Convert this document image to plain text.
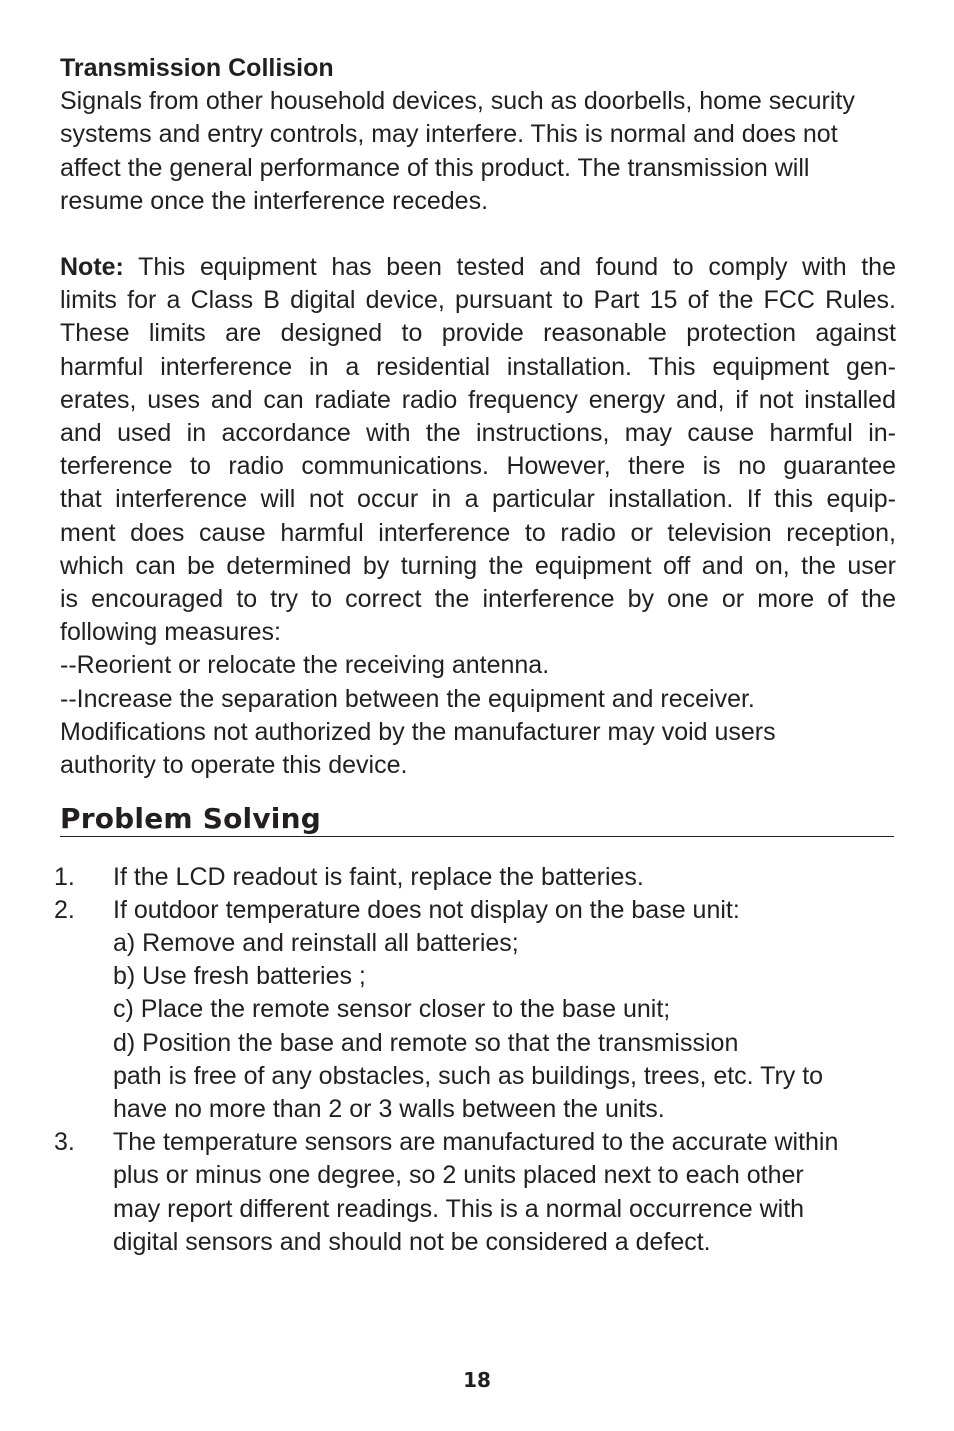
Transmission Collision

Signals from other household devices, such as doorbells, home security
systems and entry controls, may interfere. This is normal and does not
affect the general performance of this product. The transmission will
resume once the interference recedes.

Note: This equipment has been tested and found to comply with the
limits for a Class B digital device, pursuant to Part 15 of the FCC Rules.
These limits are designed to provide reasonable protection against
harmful interference in a residential installation. This equipment gen-
erates, uses and can radiate radio frequency energy and, if not installed
and used in accordance with the instructions, may cause harmful in-
terference to radio communications. However, there is no guarantee
that interference will not occur in a particular installation. If this equip-
ment does cause harmful interference to radio or television reception,
which can be determined by turning the equipment off and on, the user
is encouraged to try to correct the interference by one or more of the
following measures:
--Reorient or relocate the receiving antenna.
--Increase the separation between the equipment and receiver.
Modifications not authorized by the manufacturer may void users
authority to operate this device.
Problem Solving
1. If the LCD readout is faint, replace the batteries.
2. If outdoor temperature does not display on the base unit:
a) Remove and reinstall all batteries;
b) Use fresh batteries ;
c) Place the remote sensor closer to the base unit;
d) Position the base and remote so that the transmission
path is free of any obstacles, such as buildings, trees, etc. Try to
have no more than 2 or 3 walls between the units.
3. The temperature sensors are manufactured to the accurate within
plus or minus one degree, so 2 units placed next to each other
may report different readings. This is a normal occurrence with
digital sensors and should not be considered a defect.
18
